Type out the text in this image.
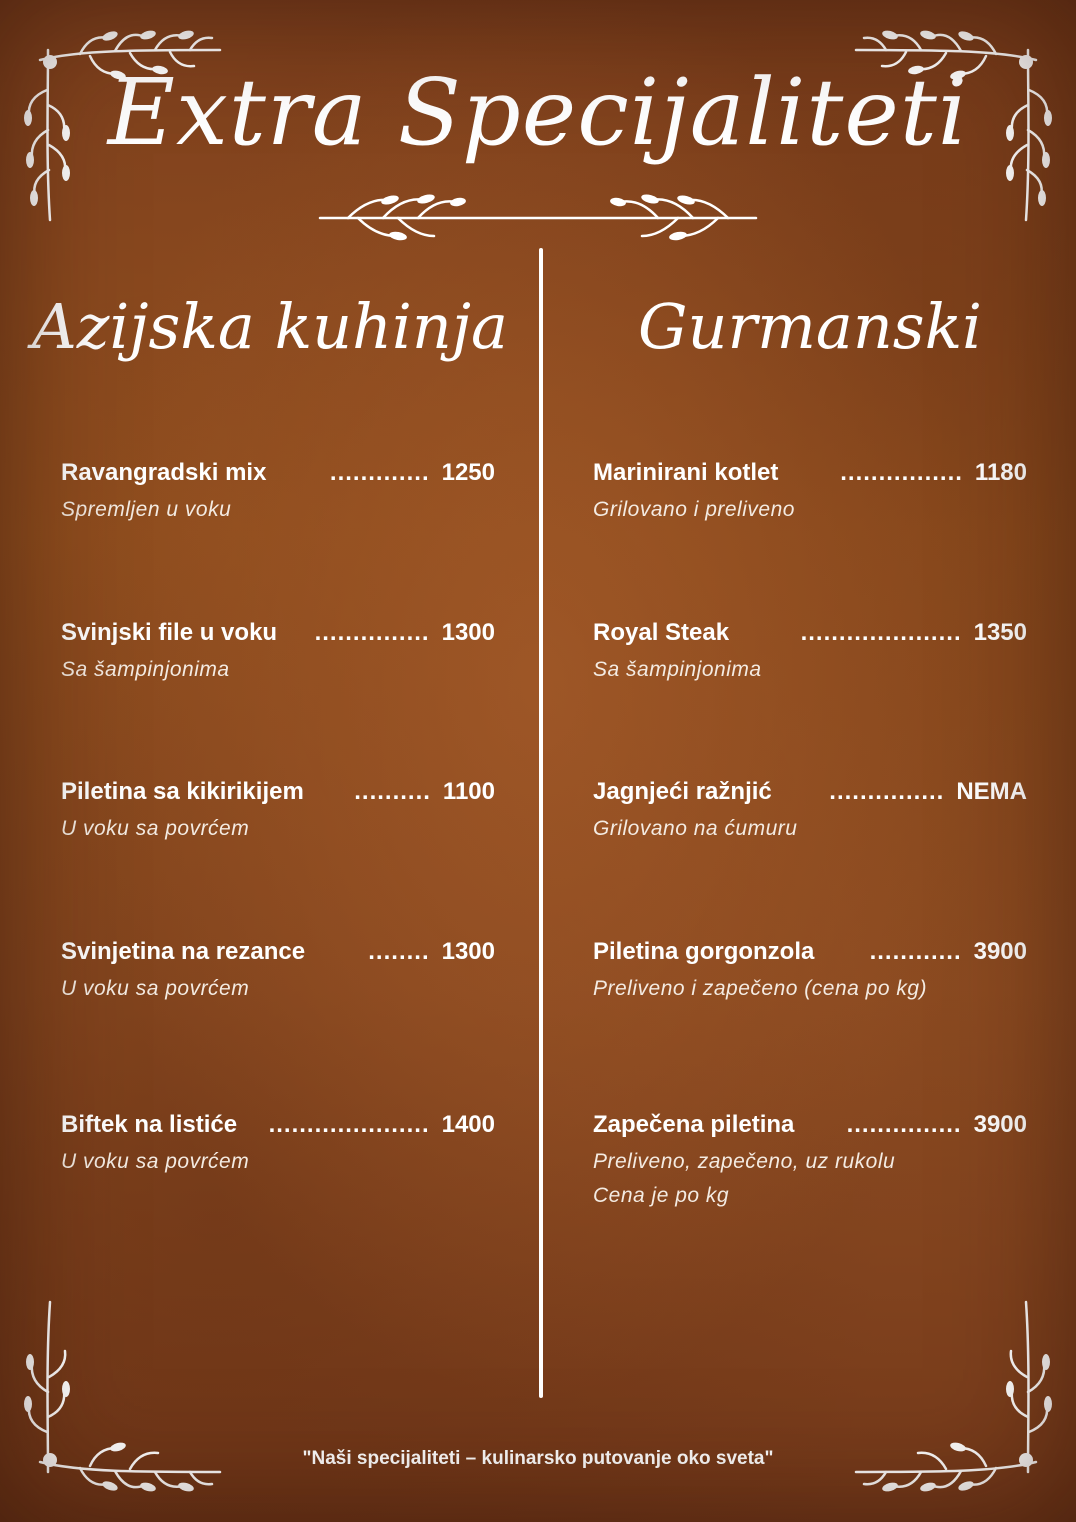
Extra Specijaliteti
Azijska kuhinja	Gurmanski
Ravangradski mix	............. 1250
Spremljen u voku
Svinjski file u voku	............... 1300
Sa šampinjonima
Piletina sa kikirikijem	.......... 1100
U voku sa povrćem
Svinjetina na rezance	........ 1300
U voku sa povrćem
Biftek na listiće	..................... 1400
U voku sa povrćem
Marinirani kotlet	................ 1180
Grilovano i preliveno
Royal Steak	..................... 1350
Sa šampinjonima
Jagnjeći ražnjić	............... NEMA
Grilovano na ćumuru
Piletina gorgonzola	............ 3900
Preliveno i zapečeno (cena po kg)
Zapečena piletina	............... 3900
Preliveno, zapečeno, uz rukolu
Cena je po kg
"Naši specijaliteti – kulinarsko putovanje oko sveta"
